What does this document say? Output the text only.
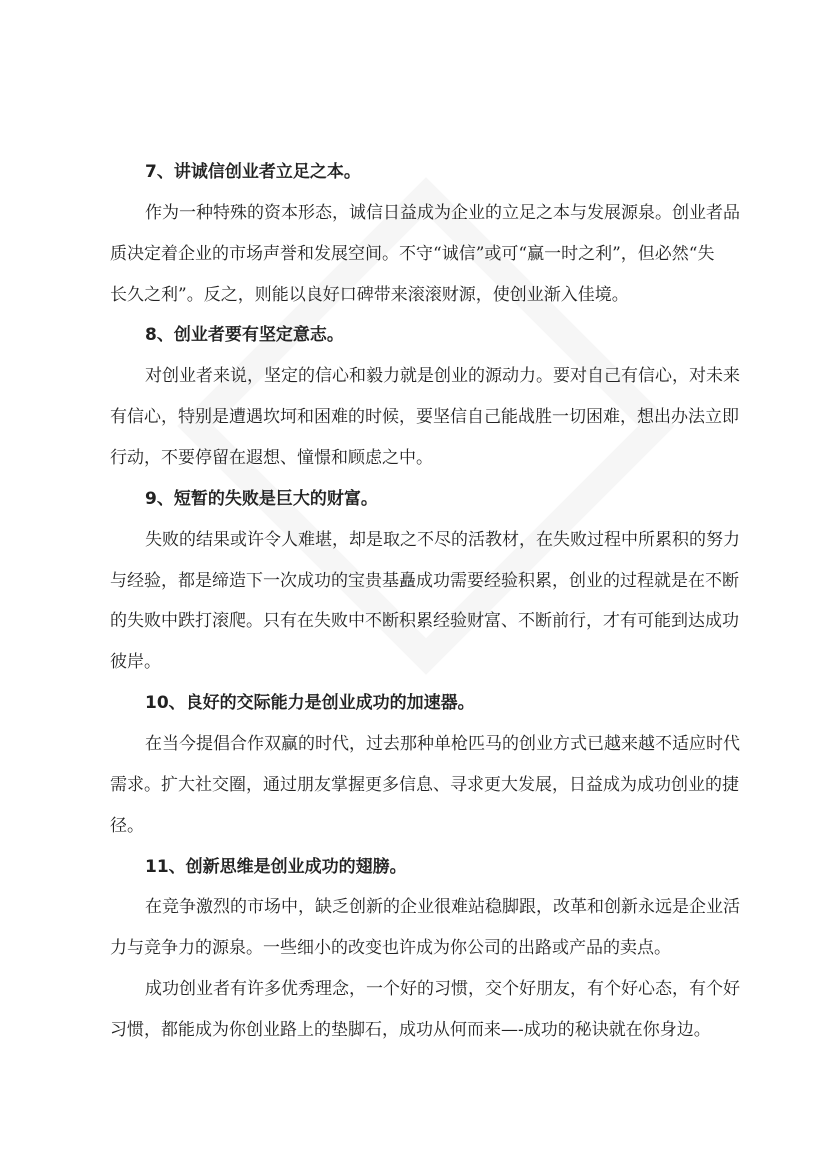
7、讲诚信创业者立足之本。
作为一种特殊的资本形态，诚信日益成为企业的立足之本与发展源泉。创业者品
质决定着企业的市场声誉和发展空间。不守“诚信”或可“赢一时之利”，但必然“失
长久之利”。反之，则能以良好口碑带来滚滚财源，使创业渐入佳境。
8、创业者要有坚定意志。
对创业者来说，坚定的信心和毅力就是创业的源动力。要对自己有信心，对未来
有信心，特别是遭遇坎坷和困难的时候，要坚信自己能战胜一切困难，想出办法立即
行动，不要停留在遐想、憧憬和顾虑之中。
9、短暂的失败是巨大的财富。
失败的结果或许令人难堪，却是取之不尽的活教材，在失败过程中所累积的努力
与经验，都是缔造下一次成功的宝贵基矗成功需要经验积累，创业的过程就是在不断
的失败中跌打滚爬。只有在失败中不断积累经验财富、不断前行，才有可能到达成功
彼岸。
10、良好的交际能力是创业成功的加速器。
在当今提倡合作双赢的时代，过去那种单枪匹马的创业方式已越来越不适应时代
需求。扩大社交圈，通过朋友掌握更多信息、寻求更大发展，日益成为成功创业的捷
径。
11、创新思维是创业成功的翅膀。
在竞争激烈的市场中，缺乏创新的企业很难站稳脚跟，改革和创新永远是企业活
力与竞争力的源泉。一些细小的改变也许成为你公司的出路或产品的卖点。
成功创业者有许多优秀理念，一个好的习惯，交个好朋友，有个好心态，有个好
习惯，都能成为你创业路上的垫脚石，成功从何而来—-成功的秘诀就在你身边。
